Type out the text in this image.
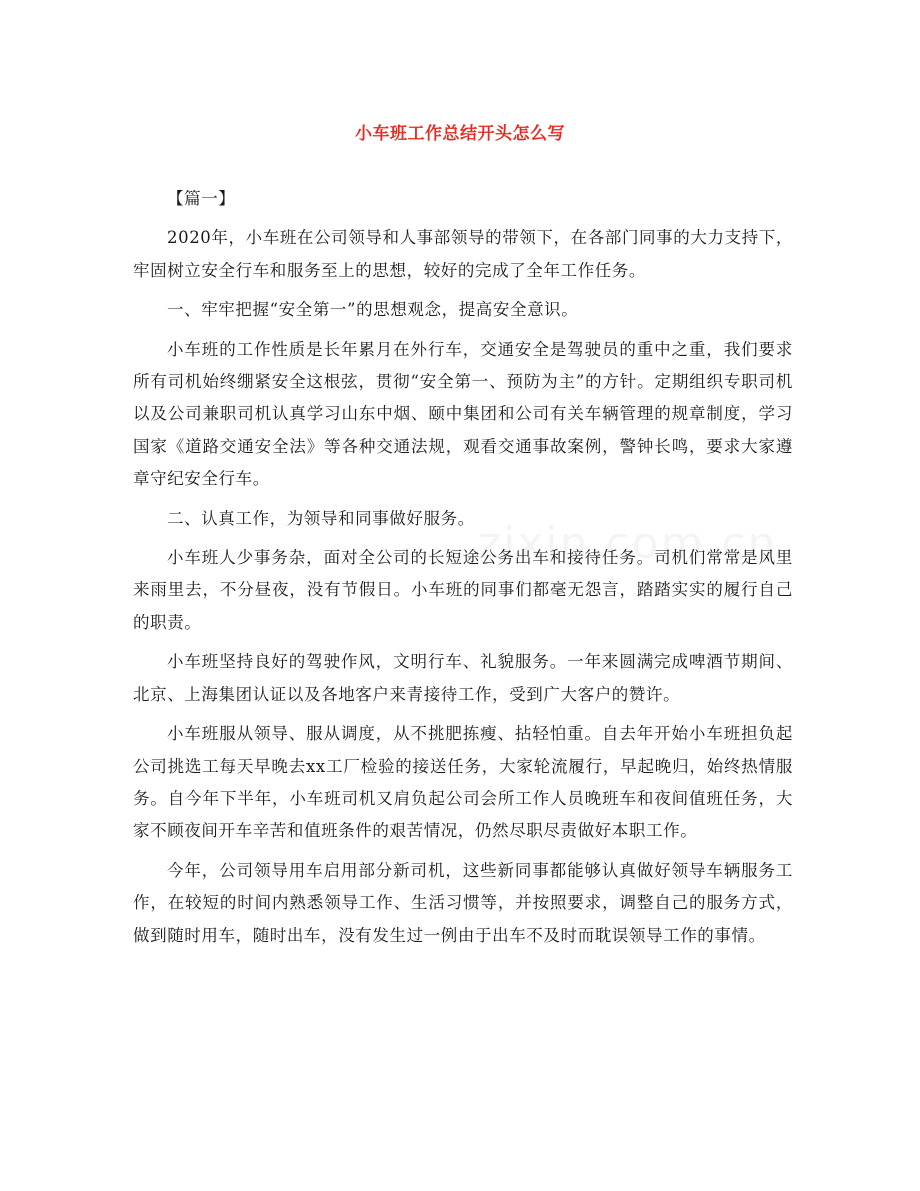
小车班工作总结开头怎么写

【篇一】

2020年，小车班在公司领导和人事部领导的带领下，在各部门同事的大力支持下，牢固树立安全行车和服务至上的思想，较好的完成了全年工作任务。

一、牢牢把握“安全第一”的思想观念，提高安全意识。

小车班的工作性质是长年累月在外行车，交通安全是驾驶员的重中之重，我们要求所有司机始终绷紧安全这根弦，贯彻“安全第一、预防为主”的方针。定期组织专职司机以及公司兼职司机认真学习山东中烟、颐中集团和公司有关车辆管理的规章制度，学习国家《道路交通安全法》等各种交通法规，观看交通事故案例，警钟长鸣，要求大家遵章守纪安全行车。

二、认真工作，为领导和同事做好服务。

小车班人少事务杂，面对全公司的长短途公务出车和接待任务。司机们常常是风里来雨里去，不分昼夜，没有节假日。小车班的同事们都毫无怨言，踏踏实实的履行自己的职责。

小车班坚持良好的驾驶作风，文明行车、礼貌服务。一年来圆满完成啤酒节期间、北京、上海集团认证以及各地客户来青接待工作，受到广大客户的赞许。

小车班服从领导、服从调度，从不挑肥拣瘦、拈轻怕重。自去年开始小车班担负起公司挑选工每天早晚去xx工厂检验的接送任务，大家轮流履行，早起晚归，始终热情服务。自今年下半年，小车班司机又肩负起公司会所工作人员晚班车和夜间值班任务，大家不顾夜间开车辛苦和值班条件的艰苦情况，仍然尽职尽责做好本职工作。

今年，公司领导用车启用部分新司机，这些新同事都能够认真做好领导车辆服务工作，在较短的时间内熟悉领导工作、生活习惯等，并按照要求，调整自己的服务方式，做到随时用车，随时出车，没有发生过一例由于出车不及时而耽误领导工作的事情。
